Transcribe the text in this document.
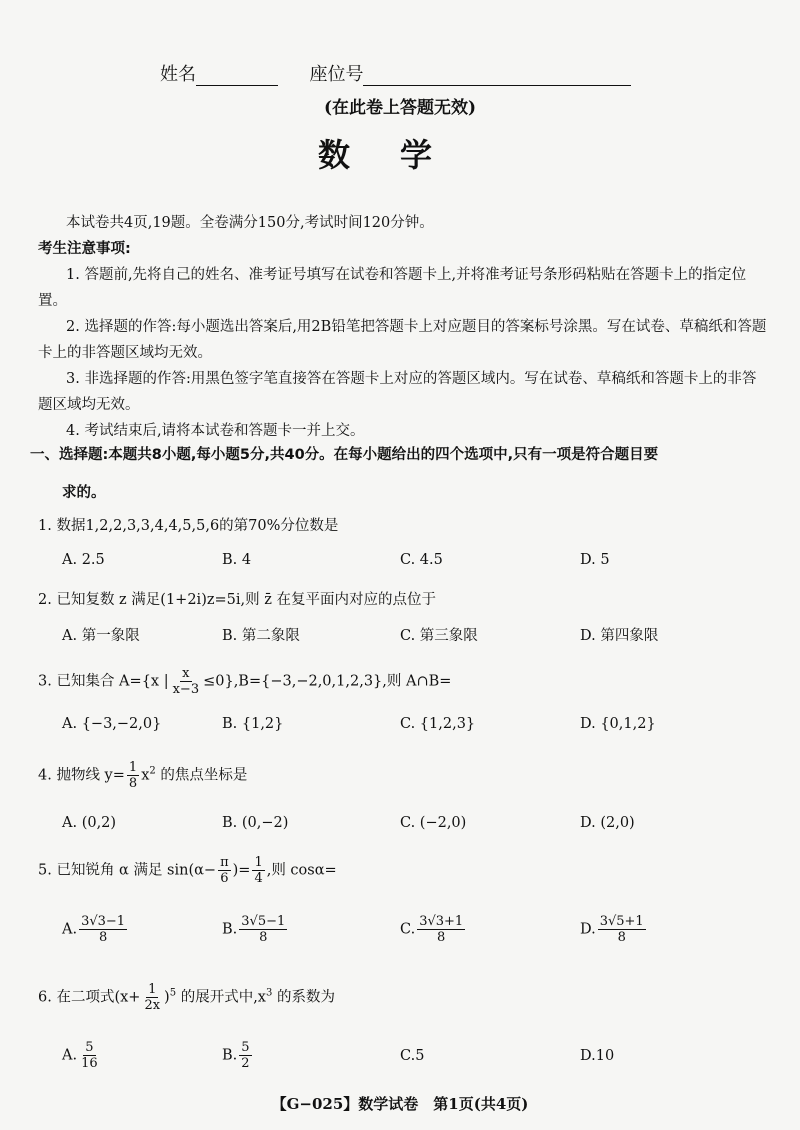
姓名	座位号
(在此卷上答题无效)
数学
本试卷共4页,19题。全卷满分150分,考试时间120分钟。
考生注意事项:
1. 答题前,先将自己的姓名、准考证号填写在试卷和答题卡上,并将准考证号条形码粘贴在答题卡上的指定位置。
2. 选择题的作答:每小题选出答案后,用2B铅笔把答题卡上对应题目的答案标号涂黑。写在试卷、草稿纸和答题卡上的非答题区域均无效。
3. 非选择题的作答:用黑色签字笔直接答在答题卡上对应的答题区域内。写在试卷、草稿纸和答题卡上的非答题区域均无效。
4. 考试结束后,请将本试卷和答题卡一并上交。
一、选择题:本题共8小题,每小题5分,共40分。在每小题给出的四个选项中,只有一项是符合题目要
求的。
1. 数据1,2,2,3,3,4,4,5,5,6的第70%分位数是
A. 2.5	B. 4	C. 4.5	D. 5
2. 已知复数 z 满足(1+2i)z=5i,则 z̄ 在复平面内对应的点位于
A. 第一象限	B. 第二象限	C. 第三象限	D. 第四象限
3. 已知集合 A={x | $\frac{x}{x-3} \le 0\},B=\{-3,-2,0,1,2,3\}$,则 A∩B=
A. {−3,−2,0}	B. {1,2}	C. {1,2,3}	D. {0,1,2}
4. 抛物线 $y= \frac{1}{8} x^2$ 的焦点坐标是
A. (0,2)	B. (0,−2)	C. (−2,0)	D. (2,0)
5. 已知锐角 α 满足 $\sin(\alpha- \frac{\pi}{6}$ )= $\frac{1}{4}$ ,则 cosα=
A. $\frac{3√3-1}{8}$	B. $\frac{3√5-1}{8}$	C. $\frac{3√3+1}{8}$	D. $\frac{3√5+1}{8}$
6. 在二项式$(x+ \frac{1}{2x} )^5$ 的展开式中$,x^3$ 的系数为
A. $\frac{5}{16}$	B. $\frac{5}{2}$	C.5	D.10
【G−025】数学试卷　第1页(共4页)
